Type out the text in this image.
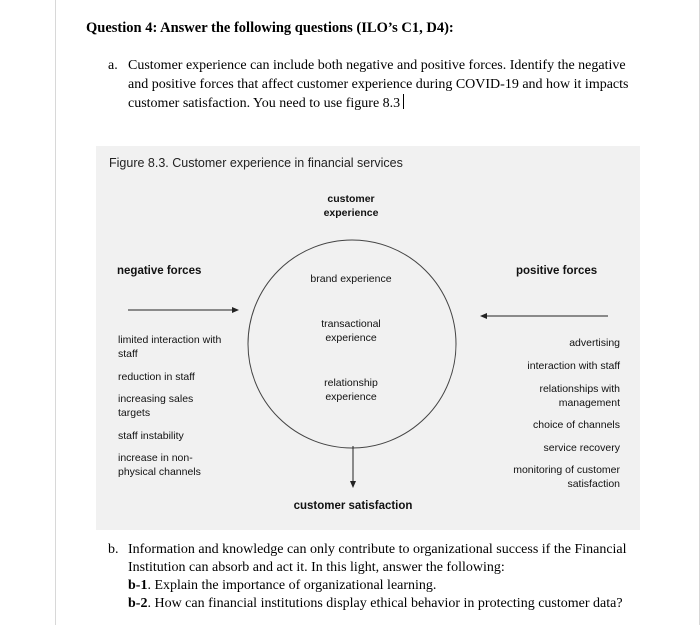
Question 4: Answer the following questions (ILO’s C1, D4):
a. Customer experience can include both negative and positive forces. Identify the negative and positive forces that affect customer experience during COVID-19 and how it impacts customer satisfaction. You need to use figure 8.3
Figure 8.3. Customer experience in financial services
customer experience
negative forces	positive forces
brand experience
transactional experience
relationship experience
limited interaction with staff
reduction in staff
increasing sales targets
staff instability
increase in non-physical channels
advertising
interaction with staff
relationships with management
choice of channels
service recovery
monitoring of customer satisfaction
customer satisfaction
b. Information and knowledge can only contribute to organizational success if the Financial Institution can absorb and act it. In this light, answer the following:
b-1. Explain the importance of organizational learning.
b-2. How can financial institutions display ethical behavior in protecting customer data?
